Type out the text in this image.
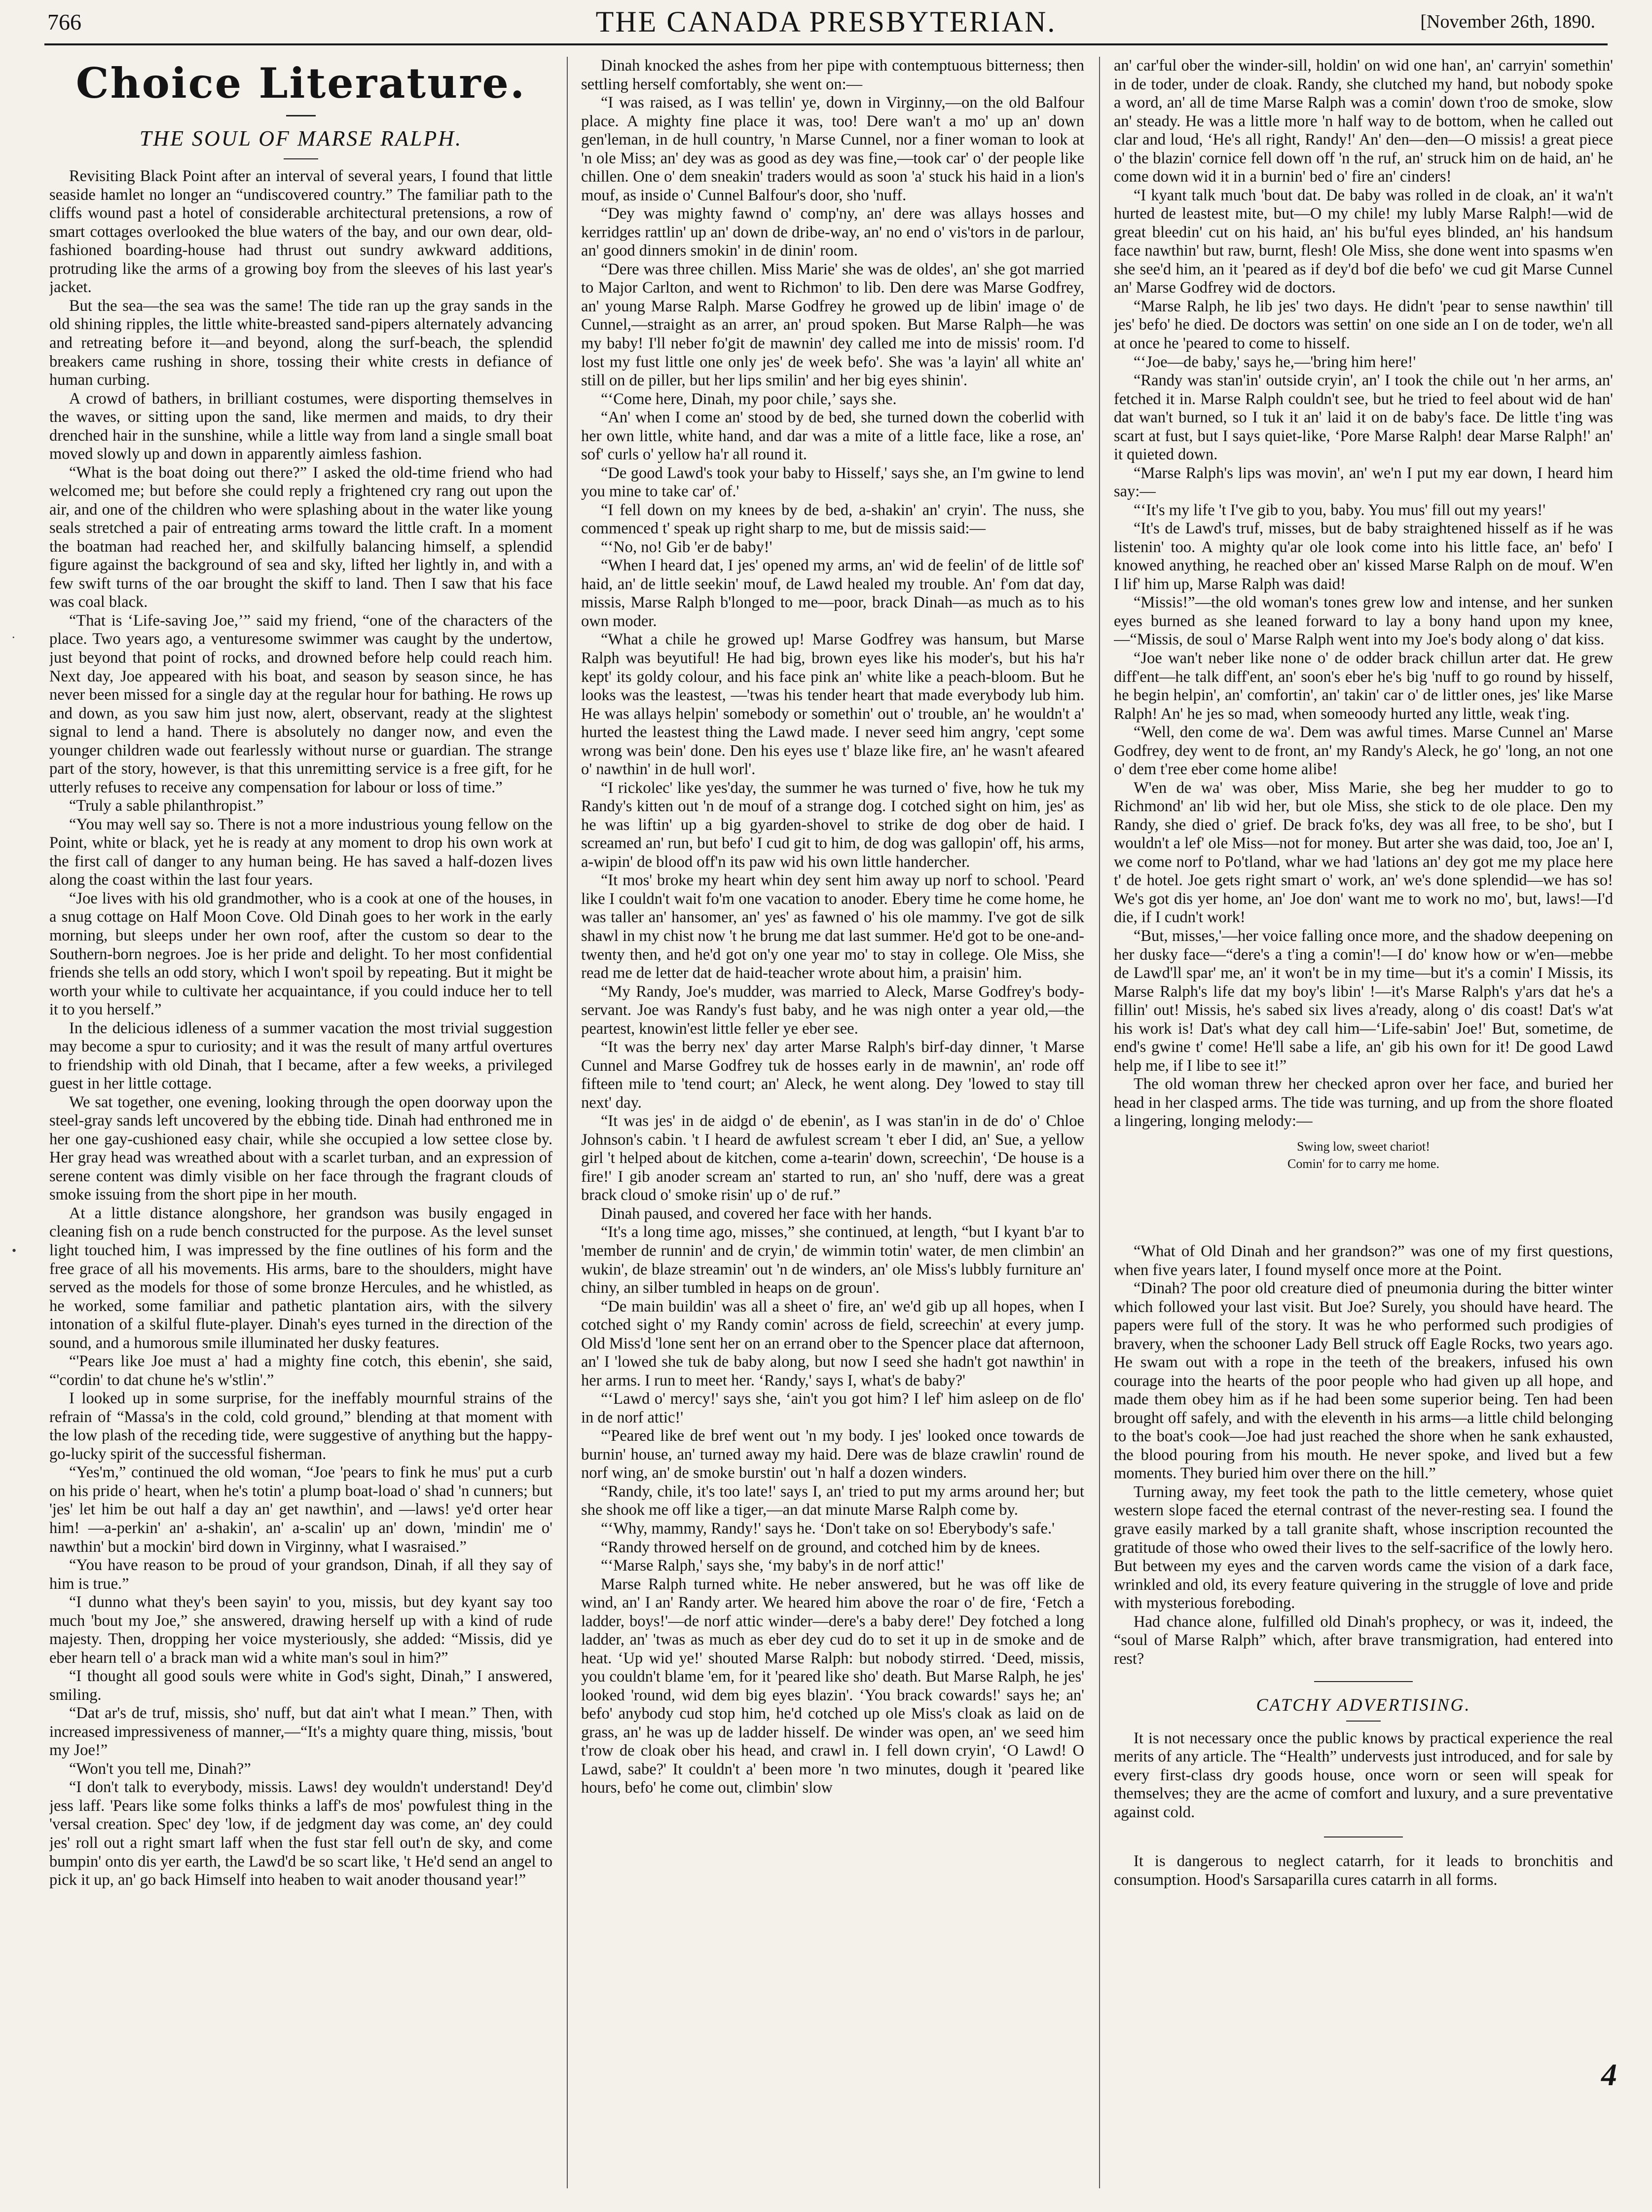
766	THE CANADA PRESBYTERIAN.	[November 26th, 1890.
.
•
Choice Literature.
THE SOUL OF MARSE RALPH.

Revisiting Black Point after an interval of several years, I found that little seaside hamlet no longer an “undiscovered country.” The familiar path to the cliffs wound past a hotel of considerable architectural pretensions, a row of smart cottages overlooked the blue waters of the bay, and our own dear, old-fashioned boarding-house had thrust out sundry awkward additions, protruding like the arms of a growing boy from the sleeves of his last year's jacket.

But the sea—the sea was the same! The tide ran up the gray sands in the old shining ripples, the little white-breasted sand-pipers alternately advancing and retreating before it—and beyond, along the surf-beach, the splendid breakers came rushing in shore, tossing their white crests in defiance of human curbing.

A crowd of bathers, in brilliant costumes, were disporting themselves in the waves, or sitting upon the sand, like mermen and maids, to dry their drenched hair in the sunshine, while a little way from land a single small boat moved slowly up and down in apparently aimless fashion.

“What is the boat doing out there?” I asked the old-time friend who had welcomed me; but before she could reply a frightened cry rang out upon the air, and one of the children who were splashing about in the water like young seals stretched a pair of entreating arms toward the little craft. In a moment the boatman had reached her, and skilfully balancing himself, a splendid figure against the background of sea and sky, lifted her lightly in, and with a few swift turns of the oar brought the skiff to land. Then I saw that his face was coal black.

“That is ‘Life-saving Joe,’” said my friend, “one of the characters of the place. Two years ago, a venturesome swimmer was caught by the undertow, just beyond that point of rocks, and drowned before help could reach him. Next day, Joe appeared with his boat, and season by season since, he has never been missed for a single day at the regular hour for bathing. He rows up and down, as you saw him just now, alert, observant, ready at the slightest signal to lend a hand. There is absolutely no danger now, and even the younger children wade out fearlessly without nurse or guardian. The strange part of the story, however, is that this unremitting service is a free gift, for he utterly refuses to receive any compensation for labour or loss of time.”

“Truly a sable philanthropist.”

“You may well say so. There is not a more industrious young fellow on the Point, white or black, yet he is ready at any moment to drop his own work at the first call of danger to any human being. He has saved a half-dozen lives along the coast within the last four years.

“Joe lives with his old grandmother, who is a cook at one of the houses, in a snug cottage on Half Moon Cove. Old Dinah goes to her work in the early morning, but sleeps under her own roof, after the custom so dear to the Southern-born negroes. Joe is her pride and delight. To her most confidential friends she tells an odd story, which I won't spoil by repeating. But it might be worth your while to cultivate her acquaintance, if you could induce her to tell it to you herself.”

In the delicious idleness of a summer vacation the most trivial suggestion may become a spur to curiosity; and it was the result of many artful overtures to friendship with old Dinah, that I became, after a few weeks, a privileged guest in her little cottage.

We sat together, one evening, looking through the open doorway upon the steel-gray sands left uncovered by the ebbing tide. Dinah had enthroned me in her one gay-cushioned easy chair, while she occupied a low settee close by. Her gray head was wreathed about with a scarlet turban, and an expression of serene content was dimly visible on her face through the fragrant clouds of smoke issuing from the short pipe in her mouth.

At a little distance alongshore, her grandson was busily engaged in cleaning fish on a rude bench constructed for the purpose. As the level sunset light touched him, I was impressed by the fine outlines of his form and the free grace of all his movements. His arms, bare to the shoulders, might have served as the models for those of some bronze Hercules, and he whistled, as he worked, some familiar and pathetic plantation airs, with the silvery intonation of a skilful flute-player. Dinah's eyes turned in the direction of the sound, and a humorous smile illuminated her dusky features.

“'Pears like Joe must a' had a mighty fine cotch, this ebenin', she said, “'cordin' to dat chune he's w'stlin'.”

I looked up in some surprise, for the ineffably mournful strains of the refrain of “Massa's in the cold, cold ground,” blending at that moment with the low plash of the receding tide, were suggestive of anything but the happy-go-lucky spirit of the successful fisherman.

“Yes'm,” continued the old woman, “Joe 'pears to fink he mus' put a curb on his pride o' heart, when he's totin' a plump boat-load o' shad 'n cunners; but 'jes' let him be out half a day an' get nawthin', and —laws! ye'd orter hear him! —a-perkin' an' a-shakin', an' a-scalin' up an' down, 'mindin' me o' nawthin' but a mockin' bird down in Virginny, what I wasraised.”

“You have reason to be proud of your grandson, Dinah, if all they say of him is true.”

“I dunno what they's been sayin' to you, missis, but dey kyant say too much 'bout my Joe,” she answered, drawing herself up with a kind of rude majesty. Then, dropping her voice mysteriously, she added: “Missis, did ye eber hearn tell o' a brack man wid a white man's soul in him?”

“I thought all good souls were white in God's sight, Dinah,” I answered, smiling.

“Dat ar's de truf, missis, sho' nuff, but dat ain't what I mean.” Then, with increased impressiveness of manner,—“It's a mighty quare thing, missis, 'bout my Joe!”

“Won't you tell me, Dinah?”

“I don't talk to everybody, missis. Laws! dey wouldn't understand! Dey'd jess laff. 'Pears like some folks thinks a laff's de mos' powfulest thing in the 'versal creation. Spec' dey 'low, if de jedgment day was come, an' dey could jes' roll out a right smart laff when the fust star fell out'n de sky, and come bumpin' onto dis yer earth, the Lawd'd be so scart like, 't He'd send an angel to pick it up, an' go back Himself into heaben to wait anoder thousand year!”

Dinah knocked the ashes from her pipe with contemptuous bitterness; then settling herself comfortably, she went on:—

“I was raised, as I was tellin' ye, down in Virginny,—on the old Balfour place. A mighty fine place it was, too! Dere wan't a mo' up an' down gen'leman, in de hull country, 'n Marse Cunnel, nor a finer woman to look at 'n ole Miss; an' dey was as good as dey was fine,—took car' o' der people like chillen. One o' dem sneakin' traders would as soon 'a' stuck his haid in a lion's mouf, as inside o' Cunnel Balfour's door, sho 'nuff.

“Dey was mighty fawnd o' comp'ny, an' dere was allays hosses and kerridges rattlin' up an' down de dribe-way, an' no end o' vis'tors in de parlour, an' good dinners smokin' in de dinin' room.

“Dere was three chillen. Miss Marie' she was de oldes', an' she got married to Major Carlton, and went to Richmon' to lib. Den dere was Marse Godfrey, an' young Marse Ralph. Marse Godfrey he growed up de libin' image o' de Cunnel,—straight as an arrer, an' proud spoken. But Marse Ralph—he was my baby! I'll neber fo'git de mawnin' dey called me into de missis' room. I'd lost my fust little one only jes' de week befo'. She was 'a layin' all white an' still on de piller, but her lips smilin' and her big eyes shinin'.

“‘Come here, Dinah, my poor chile,’ says she.

“An' when I come an' stood by de bed, she turned down the coberlid with her own little, white hand, and dar was a mite of a little face, like a rose, an' sof' curls o' yellow ha'r all round it.

“De good Lawd's took your baby to Hisself,' says she, an I'm gwine to lend you mine to take car' of.'

“I fell down on my knees by de bed, a-shakin' an' cryin'. The nuss, she commenced t' speak up right sharp to me, but de missis said:—

“‘No, no! Gib 'er de baby!'

“When I heard dat, I jes' opened my arms, an' wid de feelin' of de little sof' haid, an' de little seekin' mouf, de Lawd healed my trouble. An' f'om dat day, missis, Marse Ralph b'longed to me—poor, brack Dinah—as much as to his own moder.

“What a chile he growed up! Marse Godfrey was hansum, but Marse Ralph was beyutiful! He had big, brown eyes like his moder's, but his ha'r kept' its goldy colour, and his face pink an' white like a peach-bloom. But he looks was the leastest, —'twas his tender heart that made everybody lub him. He was allays helpin' somebody or somethin' out o' trouble, an' he wouldn't a' hurted the leastest thing the Lawd made. I never seed him angry, 'cept some wrong was bein' done. Den his eyes use t' blaze like fire, an' he wasn't afeared o' nawthin' in de hull worl'.

“I rickolec' like yes'day, the summer he was turned o' five, how he tuk my Randy's kitten out 'n de mouf of a strange dog. I cotched sight on him, jes' as he was liftin' up a big gyarden-shovel to strike de dog ober de haid. I screamed an' run, but befo' I cud git to him, de dog was gallopin' off, his arms, a-wipin' de blood off'n its paw wid his own little handercher.

“It mos' broke my heart whin dey sent him away up norf to school. 'Peard like I couldn't wait fo'm one vacation to anoder. Ebery time he come home, he was taller an' hansomer, an' yes' as fawned o' his ole mammy. I've got de silk shawl in my chist now 't he brung me dat last summer. He'd got to be one-and-twenty then, and he'd got on'y one year mo' to stay in college. Ole Miss, she read me de letter dat de haid-teacher wrote about him, a praisin' him.

“My Randy, Joe's mudder, was married to Aleck, Marse Godfrey's body-servant. Joe was Randy's fust baby, and he was nigh onter a year old,—the peartest, knowin'est little feller ye eber see.

“It was the berry nex' day arter Marse Ralph's birf-day dinner, 't Marse Cunnel and Marse Godfrey tuk de hosses early in de mawnin', an' rode off fifteen mile to 'tend court; an' Aleck, he went along. Dey 'lowed to stay till next' day.

“It was jes' in de aidgd o' de ebenin', as I was stan'in in de do' o' Chloe Johnson's cabin. 't I heard de awfulest scream 't eber I did, an' Sue, a yellow girl 't helped about de kitchen, come a-tearin' down, screechin', ‘De house is a fire!' I gib anoder scream an' started to run, an' sho 'nuff, dere was a great brack cloud o' smoke risin' up o' de ruf.”

Dinah paused, and covered her face with her hands.

“It's a long time ago, misses,” she continued, at length, “but I kyant b'ar to 'member de runnin' and de cryin,' de wimmin totin' water, de men climbin' an wukin', de blaze streamin' out 'n de winders, an' ole Miss's lubbly furniture an' chiny, an silber tumbled in heaps on de groun'.

“De main buildin' was all a sheet o' fire, an' we'd gib up all hopes, when I cotched sight o' my Randy comin' across de field, screechin' at every jump. Old Miss'd 'lone sent her on an errand ober to the Spencer place dat afternoon, an' I 'lowed she tuk de baby along, but now I seed she hadn't got nawthin' in her arms. I run to meet her. ‘Randy,' says I, what's de baby?'

“‘Lawd o' mercy!' says she, ‘ain't you got him? I lef' him asleep on de flo' in de norf attic!'

“'Peared like de bref went out 'n my body. I jes' looked once towards de burnin' house, an' turned away my haid. Dere was de blaze crawlin' round de norf wing, an' de smoke burstin' out 'n half a dozen winders.

“Randy, chile, it's too late!' says I, an' tried to put my arms around her; but she shook me off like a tiger,—an dat minute Marse Ralph come by.

“‘Why, mammy, Randy!' says he. ‘Don't take on so! Eberybody's safe.'

“Randy throwed herself on de ground, and cotched him by de knees.

“‘Marse Ralph,' says she, ‘my baby's in de norf attic!'

Marse Ralph turned white. He neber answered, but he was off like de wind, an' I an' Randy arter. We heared him above the roar o' de fire, ‘Fetch a ladder, boys!'—de norf attic winder—dere's a baby dere!' Dey fotched a long ladder, an' 'twas as much as eber dey cud do to set it up in de smoke and de heat. ‘Up wid ye!' shouted Marse Ralph: but nobody stirred. ‘Deed, missis, you couldn't blame 'em, for it 'peared like sho' death. But Marse Ralph, he jes' looked 'round, wid dem big eyes blazin'. ‘You brack cowards!' says he; an' befo' anybody cud stop him, he'd cotched up ole Miss's cloak as laid on de grass, an' he was up de ladder hisself. De winder was open, an' we seed him t'row de cloak ober his head, and crawl in. I fell down cryin', ‘O Lawd! O Lawd, sabe?' It couldn't a' been more 'n two minutes, dough it 'peared like hours, befo' he come out, climbin' slow

an' car'ful ober the winder-sill, holdin' on wid one han', an' carryin' somethin' in de toder, under de cloak. Randy, she clutched my hand, but nobody spoke a word, an' all de time Marse Ralph was a comin' down t'roo de smoke, slow an' steady. He was a little more 'n half way to de bottom, when he called out clar and loud, ‘He's all right, Randy!' An' den—den—O missis! a great piece o' the blazin' cornice fell down off 'n the ruf, an' struck him on de haid, an' he come down wid it in a burnin' bed o' fire an' cinders!

“I kyant talk much 'bout dat. De baby was rolled in de cloak, an' it wa'n't hurted de leastest mite, but—O my chile! my lubly Marse Ralph!—wid de great bleedin' cut on his haid, an' his bu'ful eyes blinded, an' his handsum face nawthin' but raw, burnt, flesh! Ole Miss, she done went into spasms w'en she see'd him, an it 'peared as if dey'd bof die befo' we cud git Marse Cunnel an' Marse Godfrey wid de doctors.

“Marse Ralph, he lib jes' two days. He didn't 'pear to sense nawthin' till jes' befo' he died. De doctors was settin' on one side an I on de toder, we'n all at once he 'peared to come to hisself.

“‘Joe—de baby,' says he,—'bring him here!'

“Randy was stan'in' outside cryin', an' I took the chile out 'n her arms, an' fetched it in. Marse Ralph couldn't see, but he tried to feel about wid de han' dat wan't burned, so I tuk it an' laid it on de baby's face. De little t'ing was scart at fust, but I says quiet-like, ‘Pore Marse Ralph! dear Marse Ralph!' an' it quieted down.

“Marse Ralph's lips was movin', an' we'n I put my ear down, I heard him say:—

“‘It's my life 't I've gib to you, baby. You mus' fill out my years!'

“It's de Lawd's truf, misses, but de baby straightened hisself as if he was listenin' too. A mighty qu'ar ole look come into his little face, an' befo' I knowed anything, he reached ober an' kissed Marse Ralph on de mouf. W'en I lif' him up, Marse Ralph was daid!

“Missis!”—the old woman's tones grew low and intense, and her sunken eyes burned as she leaned forward to lay a bony hand upon my knee,—“Missis, de soul o' Marse Ralph went into my Joe's body along o' dat kiss.

“Joe wan't neber like none o' de odder brack chillun arter dat. He grew diff'ent—he talk diff'ent, an' soon's eber he's big 'nuff to go round by hisself, he begin helpin', an' comfortin', an' takin' car o' de littler ones, jes' like Marse Ralph! An' he jes so mad, when someoody hurted any little, weak t'ing.

“Well, den come de wa'. Dem was awful times. Marse Cunnel an' Marse Godfrey, dey went to de front, an' my Randy's Aleck, he go' 'long, an not one o' dem t'ree eber come home alibe!

W'en de wa' was ober, Miss Marie, she beg her mudder to go to Richmond' an' lib wid her, but ole Miss, she stick to de ole place. Den my Randy, she died o' grief. De brack fo'ks, dey was all free, to be sho', but I wouldn't a lef' ole Miss—not for money. But arter she was daid, too, Joe an' I, we come norf to Po'tland, whar we had 'lations an' dey got me my place here t' de hotel. Joe gets right smart o' work, an' we's done splendid—we has so! We's got dis yer home, an' Joe don' want me to work no mo', but, laws!—I'd die, if I cudn't work!

“But, misses,'—her voice falling once more, and the shadow deepening on her dusky face—“dere's a t'ing a comin'!—I do' know how or w'en—mebbe de Lawd'll spar' me, an' it won't be in my time—but it's a comin' I Missis, its Marse Ralph's life dat my boy's libin' !—it's Marse Ralph's y'ars dat he's a fillin' out! Missis, he's sabed six lives a'ready, along o' dis coast! Dat's w'at his work is! Dat's what dey call him—‘Life-sabin' Joe!' But, sometime, de end's gwine t' come! He'll sabe a life, an' gib his own for it! De good Lawd help me, if I libe to see it!”

The old woman threw her checked apron over her face, and buried her head in her clasped arms. The tide was turning, and up from the shore floated a lingering, longing melody:—

Swing low, sweet chariot!
Comin' for to carry me home.

“What of Old Dinah and her grandson?” was one of my first questions, when five years later, I found myself once more at the Point.

“Dinah? The poor old creature died of pneumonia during the bitter winter which followed your last visit. But Joe? Surely, you should have heard. The papers were full of the story. It was he who performed such prodigies of bravery, when the schooner Lady Bell struck off Eagle Rocks, two years ago. He swam out with a rope in the teeth of the breakers, infused his own courage into the hearts of the poor people who had given up all hope, and made them obey him as if he had been some superior being. Ten had been brought off safely, and with the eleventh in his arms—a little child belonging to the boat's cook—Joe had just reached the shore when he sank exhausted, the blood pouring from his mouth. He never spoke, and lived but a few moments. They buried him over there on the hill.”

Turning away, my feet took the path to the little cemetery, whose quiet western slope faced the eternal contrast of the never-resting sea. I found the grave easily marked by a tall granite shaft, whose inscription recounted the gratitude of those who owed their lives to the self-sacrifice of the lowly hero. But between my eyes and the carven words came the vision of a dark face, wrinkled and old, its every feature quivering in the struggle of love and pride with mysterious foreboding.

Had chance alone, fulfilled old Dinah's prophecy, or was it, indeed, the “soul of Marse Ralph” which, after brave transmigration, had entered into rest?

CATCHY ADVERTISING.

It is not necessary once the public knows by practical experience the real merits of any article. The “Health” undervests just introduced, and for sale by every first-class dry goods house, once worn or seen will speak for themselves; they are the acme of comfort and luxury, and a sure preventative against cold.

It is dangerous to neglect catarrh, for it leads to bronchitis and consumption. Hood's Sarsaparilla cures catarrh in all forms.

4
